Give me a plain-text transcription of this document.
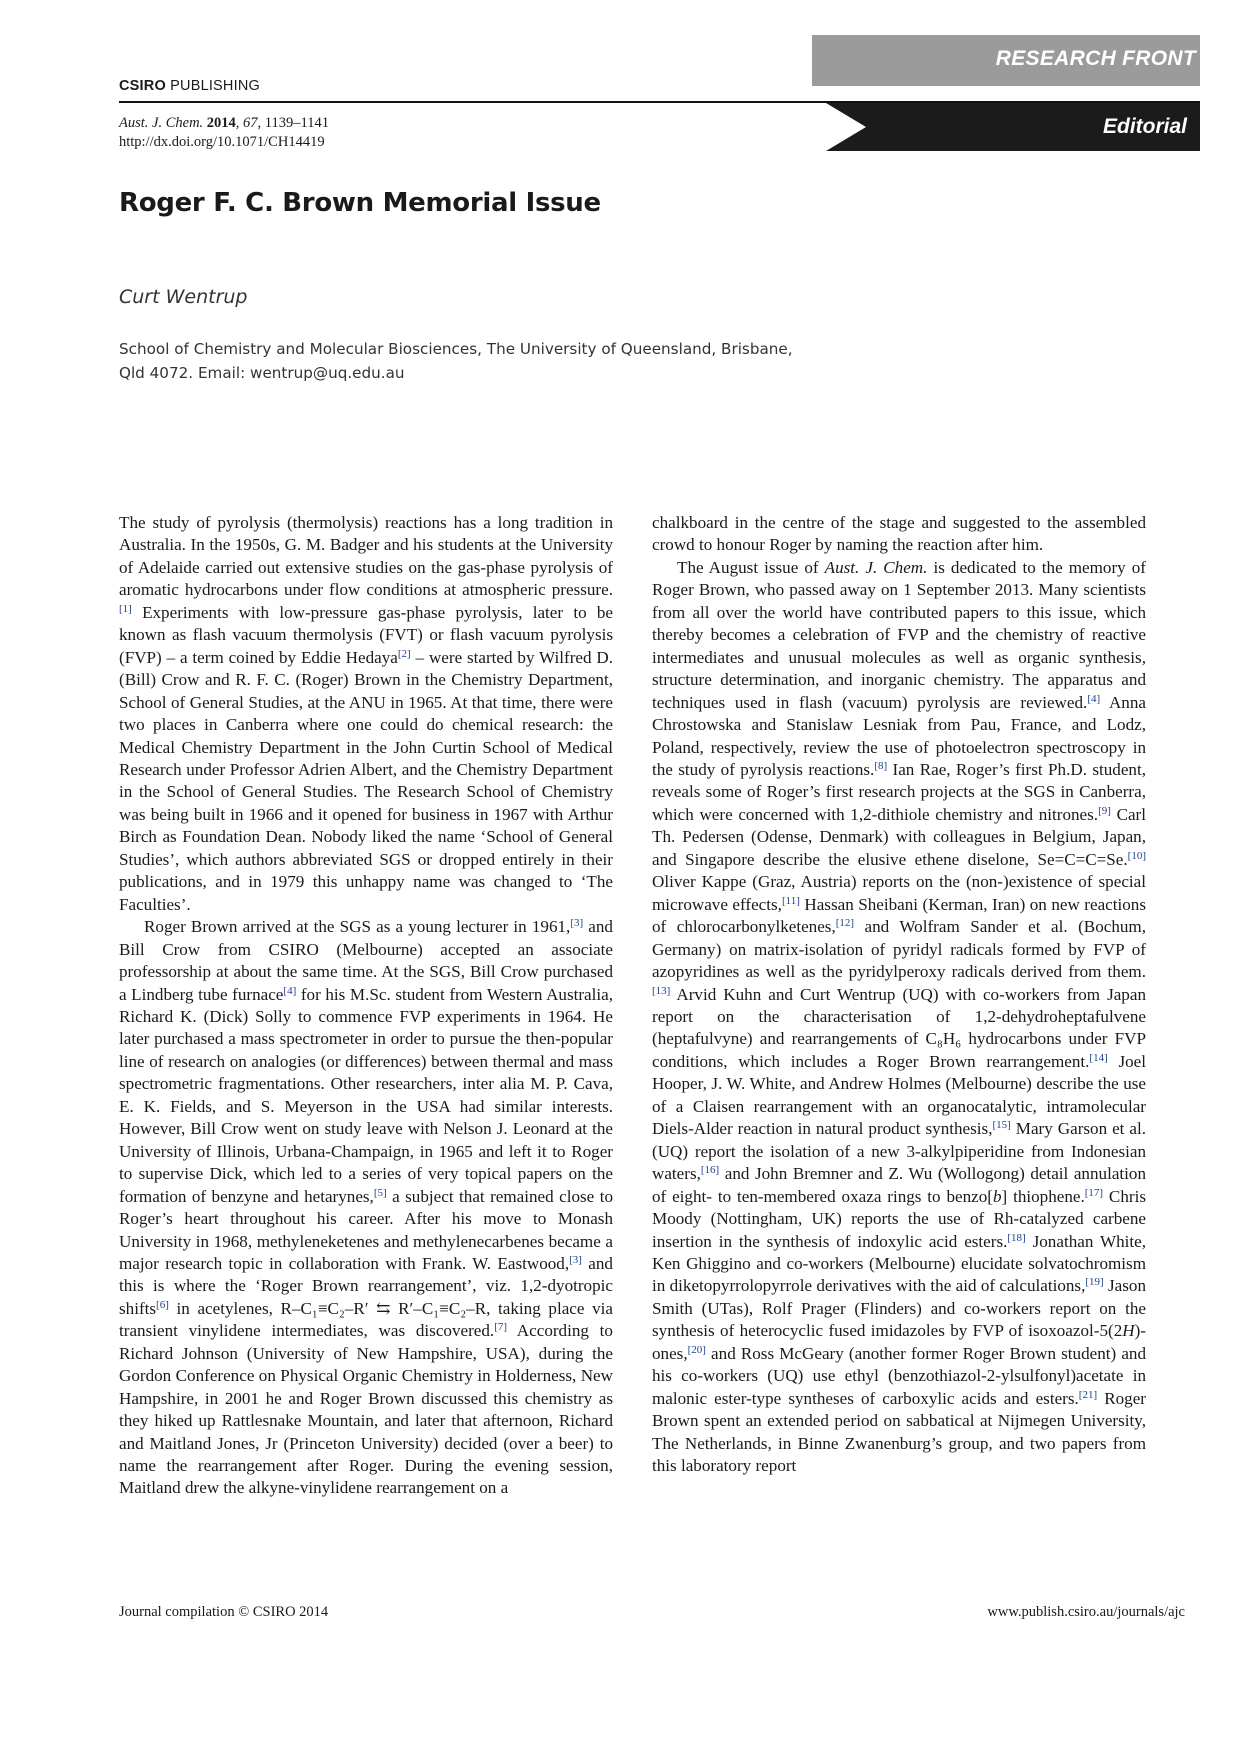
CSIRO PUBLISHING
RESEARCH FRONT
Editorial
Aust. J. Chem. 2014, 67, 1139–1141
http://dx.doi.org/10.1071/CH14419
Roger F. C. Brown Memorial Issue
Curt Wentrup
School of Chemistry and Molecular Biosciences, The University of Queensland, Brisbane,
Qld 4072. Email: wentrup@uq.edu.au

The study of pyrolysis (thermolysis) reactions has a long tradition in Australia. In the 1950s, G. M. Badger and his students at the University of Adelaide carried out extensive studies on the gas-phase pyrolysis of aromatic hydrocarbons under flow conditions at atmospheric pressure.[1] Experiments with low-pressure gas-phase pyrolysis, later to be known as flash vacuum thermolysis (FVT) or flash vacuum pyrolysis (FVP) – a term coined by Eddie Hedaya[2] – were started by Wilfred D. (Bill) Crow and R. F. C. (Roger) Brown in the Chemistry Department, School of General Studies, at the ANU in 1965. At that time, there were two places in Canberra where one could do chemical research: the Medical Chemistry Department in the John Curtin School of Medical Research under Professor Adrien Albert, and the Chemistry Department in the School of General Studies. The Research School of Chemistry was being built in 1966 and it opened for business in 1967 with Arthur Birch as Foundation Dean. Nobody liked the name ‘School of General Studies’, which authors abbreviated SGS or dropped entirely in their publications, and in 1979 this unhappy name was changed to ‘The Faculties’.

Roger Brown arrived at the SGS as a young lecturer in 1961,[3] and Bill Crow from CSIRO (Melbourne) accepted an associate professorship at about the same time. At the SGS, Bill Crow purchased a Lindberg tube furnace[4] for his M.Sc. student from Western Australia, Richard K. (Dick) Solly to commence FVP experiments in 1964. He later purchased a mass spectrometer in order to pursue the then-popular line of research on analogies (or differences) between thermal and mass spectrometric fragmentations. Other researchers, inter alia M. P. Cava, E. K. Fields, and S. Meyerson in the USA had similar interests. However, Bill Crow went on study leave with Nelson J. Leonard at the University of Illinois, Urbana-Champaign, in 1965 and left it to Roger to supervise Dick, which led to a series of very topical papers on the formation of benzyne and hetarynes,[5] a subject that remained close to Roger’s heart throughout his career. After his move to Monash University in 1968, methyleneketenes and methylenecarbenes became a major research topic in collaboration with Frank. W. Eastwood,[3] and this is where the ‘Roger Brown rearrangement’, viz. 1,2-dyotropic shifts[6] in acetylenes, R–C₁≡C₂–R′ ⇆ R′–C₁≡C₂–R, taking place via transient vinylidene intermediates, was discovered.[7] According to Richard Johnson (University of New Hampshire, USA), during the Gordon Conference on Physical Organic Chemistry in Holderness, New Hampshire, in 2001 he and Roger Brown discussed this chemistry as they hiked up Rattlesnake Mountain, and later that afternoon, Richard and Maitland Jones, Jr (Princeton University) decided (over a beer) to name the rearrangement after Roger. During the evening session, Maitland drew the alkyne-vinylidene rearrangement on a

chalkboard in the centre of the stage and suggested to the assembled crowd to honour Roger by naming the reaction after him.

The August issue of Aust. J. Chem. is dedicated to the memory of Roger Brown, who passed away on 1 September 2013. Many scientists from all over the world have contributed papers to this issue, which thereby becomes a celebration of FVP and the chemistry of reactive intermediates and unusual molecules as well as organic synthesis, structure determination, and inorganic chemistry. The apparatus and techniques used in flash (vacuum) pyrolysis are reviewed.[4] Anna Chrostowska and Stanislaw Lesniak from Pau, France, and Lodz, Poland, respectively, review the use of photoelectron spectroscopy in the study of pyrolysis reactions.[8] Ian Rae, Roger’s first Ph.D. student, reveals some of Roger’s first research projects at the SGS in Canberra, which were concerned with 1,2-dithiole chemistry and nitrones.[9] Carl Th. Pedersen (Odense, Denmark) with colleagues in Belgium, Japan, and Singapore describe the elusive ethene diselone, Se=C=C=Se.[10] Oliver Kappe (Graz, Austria) reports on the (non-)existence of special microwave effects,[11] Hassan Sheibani (Kerman, Iran) on new reactions of chlorocarbonylketenes,[12] and Wolfram Sander et al. (Bochum, Germany) on matrix-isolation of pyridyl radicals formed by FVP of azopyridines as well as the pyridylperoxy radicals derived from them.[13] Arvid Kuhn and Curt Wentrup (UQ) with co-workers from Japan report on the characterisation of 1,2-dehydroheptafulvene (heptafulvyne) and rearrangements of C₈H₆ hydrocarbons under FVP conditions, which includes a Roger Brown rearrangement.[14] Joel Hooper, J. W. White, and Andrew Holmes (Melbourne) describe the use of a Claisen rearrangement with an organocatalytic, intramolecular Diels-Alder reaction in natural product synthesis,[15] Mary Garson et al. (UQ) report the isolation of a new 3-alkylpiperidine from Indonesian waters,[16] and John Bremner and Z. Wu (Wollogong) detail annulation of eight- to ten-membered oxaza rings to benzo[b] thiophene.[17] Chris Moody (Nottingham, UK) reports the use of Rh-catalyzed carbene insertion in the synthesis of indoxylic acid esters.[18] Jonathan White, Ken Ghiggino and co-workers (Melbourne) elucidate solvatochromism in diketopyrrolopyrrole derivatives with the aid of calculations,[19] Jason Smith (UTas), Rolf Prager (Flinders) and co-workers report on the synthesis of heterocyclic fused imidazoles by FVP of isoxoazol-5(2H)-ones,[20] and Ross McGeary (another former Roger Brown student) and his co-workers (UQ) use ethyl (benzothiazol-2-ylsulfonyl)acetate in malonic ester-type syntheses of carboxylic acids and esters.[21] Roger Brown spent an extended period on sabbatical at Nijmegen University, The Netherlands, in Binne Zwanenburg’s group, and two papers from this laboratory report

Journal compilation © CSIRO 2014	www.publish.csiro.au/journals/ajc
